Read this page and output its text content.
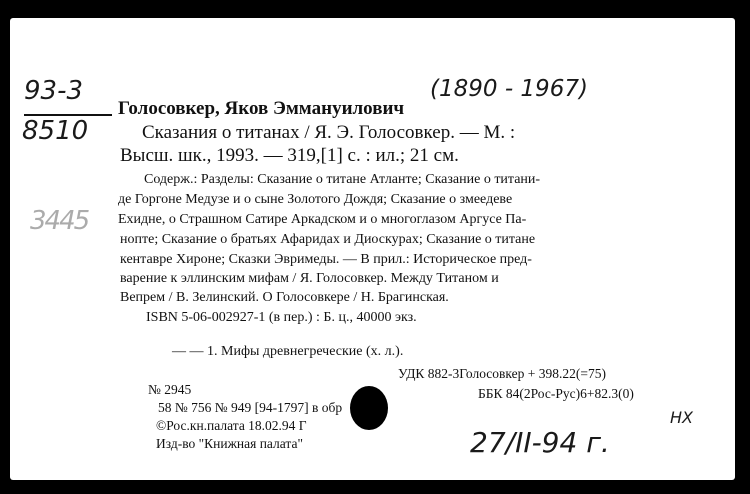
93-3
8510
3445
Голосовкер, Яков Эммануилович
(1890 - 1967)
Сказания о титанах / Я. Э. Голосовкер. — М. :
Высш. шк., 1993. — 319,[1] с. : ил.; 21 см.
Содерж.: Разделы: Сказание о титане Атланте; Сказание о титани-
де Горгоне Медузе и о сыне Золотого Дождя; Сказание о змеедеве
Ехидне, о Страшном Сатире Аркадском и о многоглазом Аргусе Па-
нопте; Сказание о братьях Афаридах и Диоскурах; Сказание о титане
кентавре Хироне; Сказки Эвримеды. — В прил.: Историческое пред-
варение к эллинским мифам / Я. Голосовкер. Между Титаном и
Вепрем / В. Зелинский. О Голосовкере / Н. Брагинская.
ISBN 5-06-002927-1 (в пер.) : Б. ц., 40000 экз.
— — 1. Мифы древнегреческие (х. л.).
№ 2945
58 № 756 № 949 [94-1797] в обр
©Рос.кн.палата 18.02.94 Г
Изд-во "Книжная палата"
УДК 882-3Голосовкер + 398.22(=75)
ББК 84(2Рос-Рус)6+82.3(0)
НХ
27/II-94 г.
